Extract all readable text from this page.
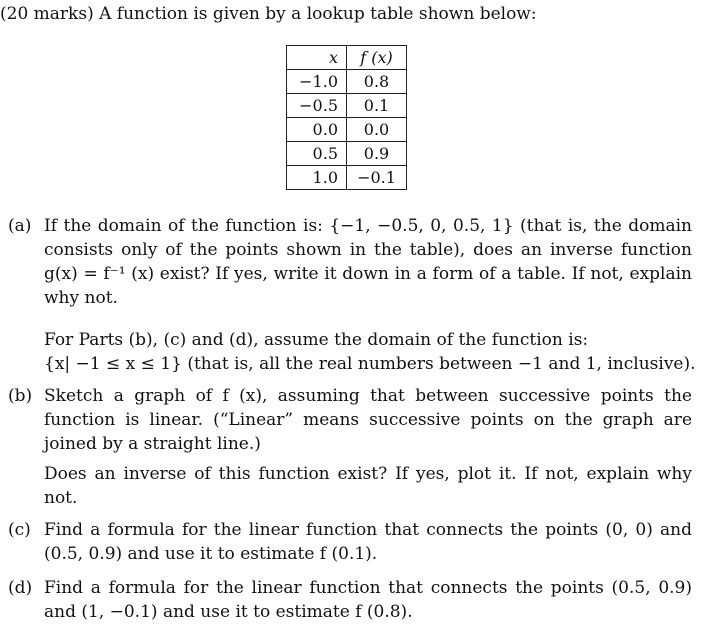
(20 marks) A function is given by a lookup table shown below:
x	f (x)
−1.0	0.8
−0.5	0.1
0.0	0.0
0.5	0.9
1.0	−0.1
(a) If the domain of the function is: {−1, −0.5, 0, 0.5, 1} (that is, the domain consists only of the points shown in the table), does an inverse function g(x) = f⁻¹ (x) exist? If yes, write it down in a form of a table. If not, explain why not.
For Parts (b), (c) and (d), assume the domain of the function is:
{x| −1 ≤ x ≤ 1} (that is, all the real numbers between −1 and 1, inclusive).
(b) Sketch a graph of f (x), assuming that between successive points the function is linear. (“Linear” means successive points on the graph are joined by a straight line.)
Does an inverse of this function exist? If yes, plot it. If not, explain why not.
(c) Find a formula for the linear function that connects the points (0, 0) and (0.5, 0.9) and use it to estimate f (0.1).
(d) Find a formula for the linear function that connects the points (0.5, 0.9) and (1, −0.1) and use it to estimate f (0.8).
